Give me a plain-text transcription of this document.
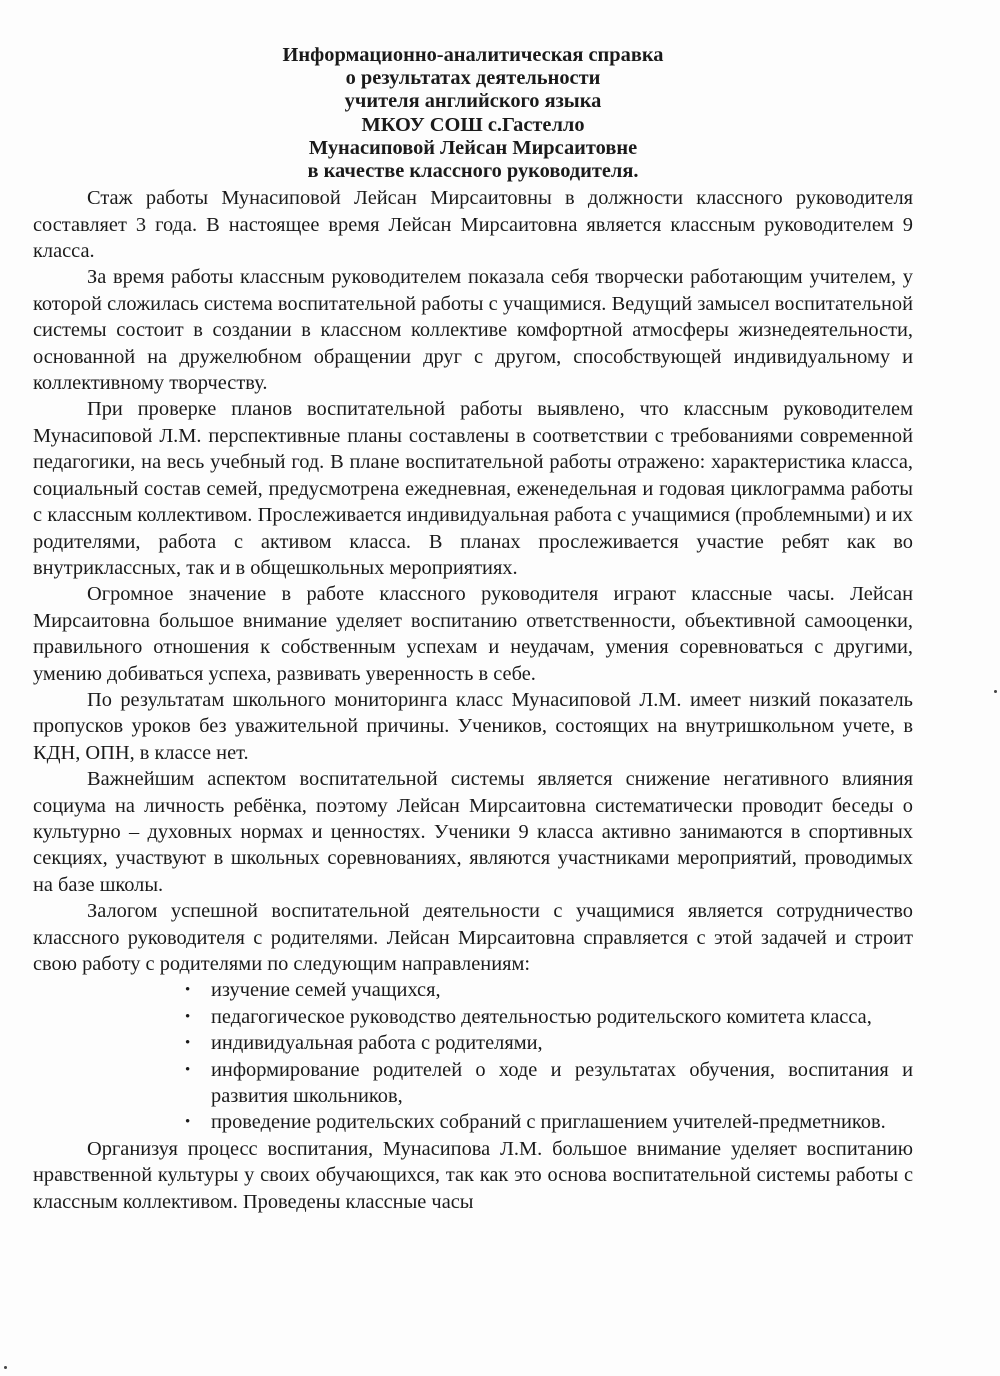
Информационно-аналитическая справка
о результатах деятельности
учителя английского языка
МКОУ СОШ с.Гастелло
Мунасиповой Лейсан Мирсаитовне
в качестве классного руководителя.

Стаж работы Мунасиповой Лейсан Мирсаитовны в должности классного руководителя составляет 3 года. В настоящее время Лейсан Мирсаитовна является классным руководителем 9 класса.

За время работы классным руководителем показала себя творчески работающим учителем, у которой сложилась система воспитательной работы с учащимися. Ведущий замысел воспитательной системы состоит в создании в классном коллективе комфортной атмосферы жизнедеятельности, основанной на дружелюбном обращении друг с другом, способствующей индивидуальному и коллективному творчеству.

При проверке планов воспитательной работы выявлено, что классным руководителем Мунасиповой Л.М. перспективные планы составлены в соответствии с требованиями современной педагогики, на весь учебный год. В плане воспитательной работы отражено: характеристика класса, социальный состав семей, предусмотрена ежедневная, еженедельная и годовая циклограмма работы с классным коллективом. Прослеживается индивидуальная работа с учащимися (проблемными) и их родителями, работа с активом класса. В планах прослеживается участие ребят как во внутриклассных, так и в общешкольных мероприятиях.

Огромное значение в работе классного руководителя играют классные часы. Лейсан Мирсаитовна большое внимание уделяет воспитанию ответственности, объективной самооценки, правильного отношения к собственным успехам и неудачам, умения соревноваться с другими, умению добиваться успеха, развивать уверенность в себе.

По результатам школьного мониторинга класс Мунасиповой Л.М. имеет низкий показатель пропусков уроков без уважительной причины. Учеников, состоящих на внутришкольном учете, в КДН, ОПН, в классе нет.

Важнейшим аспектом воспитательной системы является снижение негативного влияния социума на личность ребёнка, поэтому Лейсан Мирсаитовна систематически проводит беседы о культурно – духовных нормах и ценностях. Ученики 9 класса активно занимаются в спортивных секциях, участвуют в школьных соревнованиях, являются участниками мероприятий, проводимых на базе школы.

Залогом успешной воспитательной деятельности с учащимися является сотрудничество классного руководителя с родителями. Лейсан Мирсаитовна справляется с этой задачей и строит свою работу с родителями по следующим направлениям:

• изучение семей учащихся,
• педагогическое руководство деятельностью родительского комитета класса,
• индивидуальная работа с родителями,
• информирование родителей о ходе и результатах обучения, воспитания и развития школьников,
• проведение родительских собраний с приглашением учителей-предметников.

Организуя процесс воспитания, Мунасипова Л.М. большое внимание уделяет воспитанию нравственной культуры у своих обучающихся, так как это основа воспитательной системы работы с классным коллективом. Проведены классные часы
